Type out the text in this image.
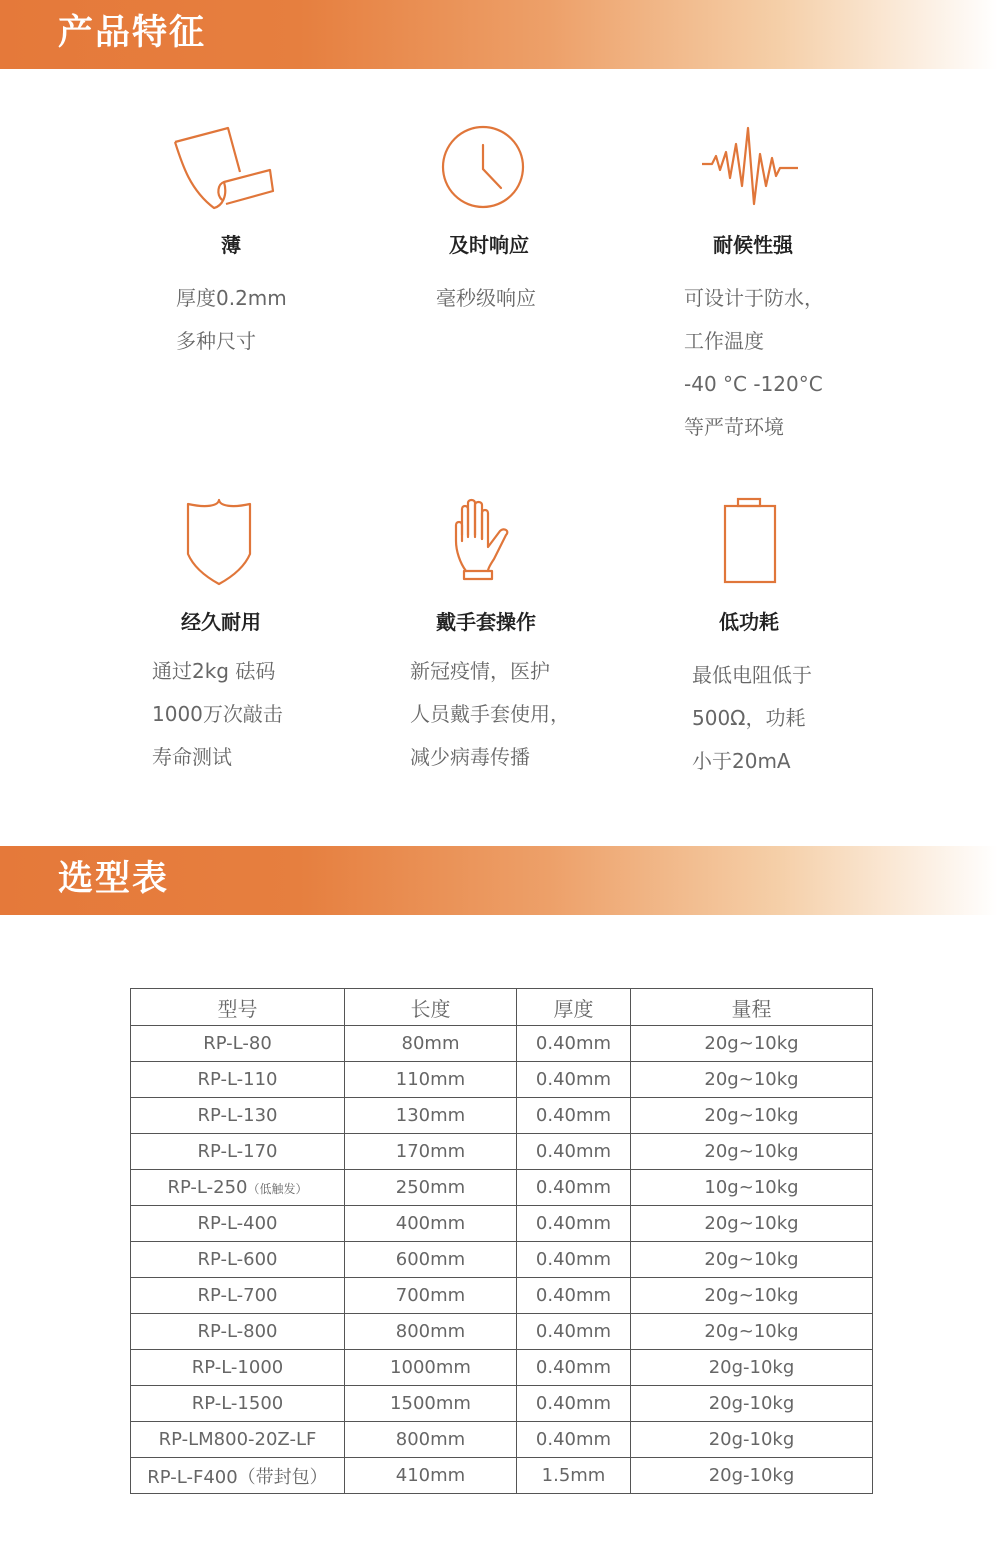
产品特征
薄
厚度0.2mm
多种尺寸
及时响应
毫秒级响应
耐候性强
可设计于防水，
工作温度
-40 °C -120°C
等严苛环境
经久耐用
通过2kg 砝码
1000万次敲击
寿命测试
戴手套操作
新冠疫情，医护
人员戴手套使用，
减少病毒传播
低功耗
最低电阻低于
500Ω，功耗
小于20mA
选型表
型号	长度	厚度	量程
RP-L-80	80mm	0.40mm	20g~10kg
RP-L-110	110mm	0.40mm	20g~10kg
RP-L-130	130mm	0.40mm	20g~10kg
RP-L-170	170mm	0.40mm	20g~10kg
RP-L-250（低触发）	250mm	0.40mm	10g~10kg
RP-L-400	400mm	0.40mm	20g~10kg
RP-L-600	600mm	0.40mm	20g~10kg
RP-L-700	700mm	0.40mm	20g~10kg
RP-L-800	800mm	0.40mm	20g~10kg
RP-L-1000	1000mm	0.40mm	20g-10kg
RP-L-1500	1500mm	0.40mm	20g-10kg
RP-LM800-20Z-LF	800mm	0.40mm	20g-10kg
RP-L-F400（带封包）	410mm	1.5mm	20g-10kg
